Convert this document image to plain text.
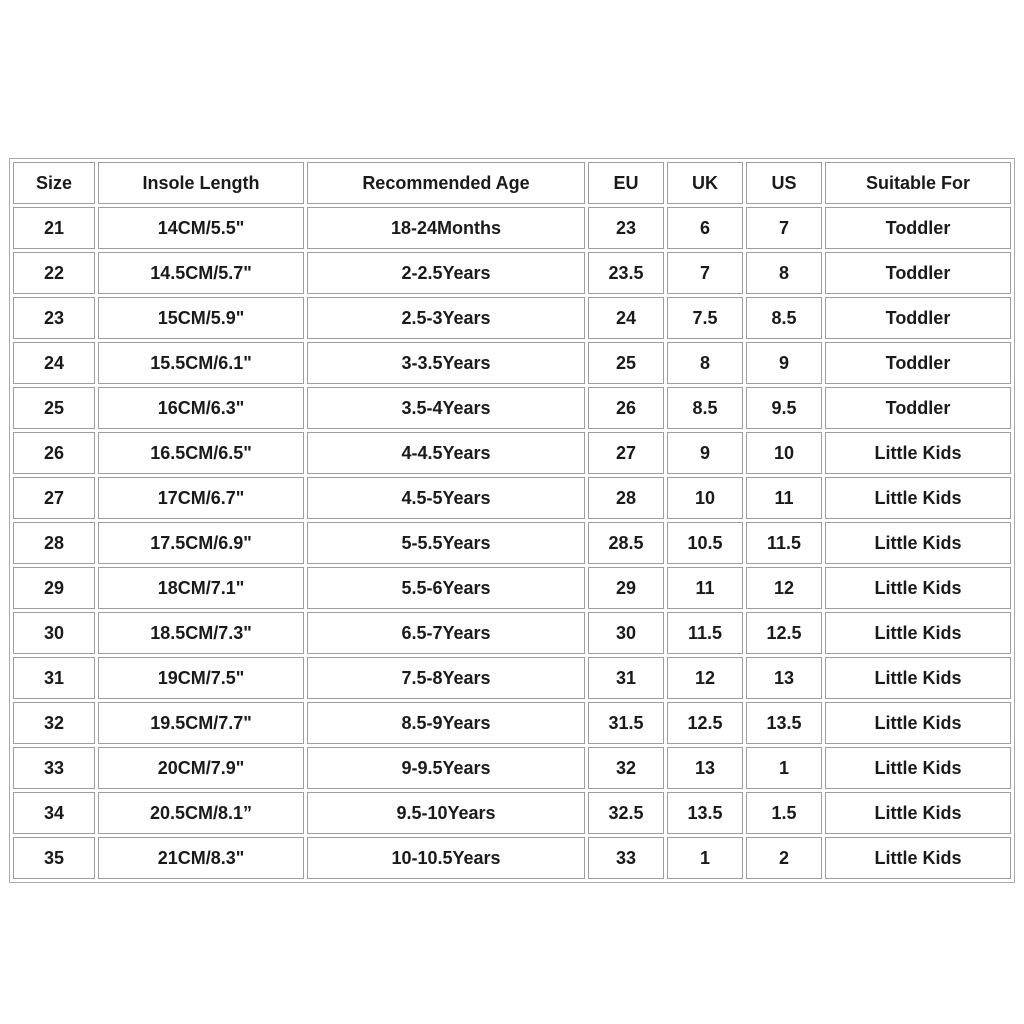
Size	Insole Length	Recommended Age	EU	UK	US	Suitable For
21	14CM/5.5"	18-24Months	23	6	7	Toddler
22	14.5CM/5.7"	2-2.5Years	23.5	7	8	Toddler
23	15CM/5.9"	2.5-3Years	24	7.5	8.5	Toddler
24	15.5CM/6.1"	3-3.5Years	25	8	9	Toddler
25	16CM/6.3"	3.5-4Years	26	8.5	9.5	Toddler
26	16.5CM/6.5"	4-4.5Years	27	9	10	Little Kids
27	17CM/6.7"	4.5-5Years	28	10	11	Little Kids
28	17.5CM/6.9"	5-5.5Years	28.5	10.5	11.5	Little Kids
29	18CM/7.1"	5.5-6Years	29	11	12	Little Kids
30	18.5CM/7.3"	6.5-7Years	30	11.5	12.5	Little Kids
31	19CM/7.5"	7.5-8Years	31	12	13	Little Kids
32	19.5CM/7.7"	8.5-9Years	31.5	12.5	13.5	Little Kids
33	20CM/7.9"	9-9.5Years	32	13	1	Little Kids
34	20.5CM/8.1”	9.5-10Years	32.5	13.5	1.5	Little Kids
35	21CM/8.3"	10-10.5Years	33	1	2	Little Kids
